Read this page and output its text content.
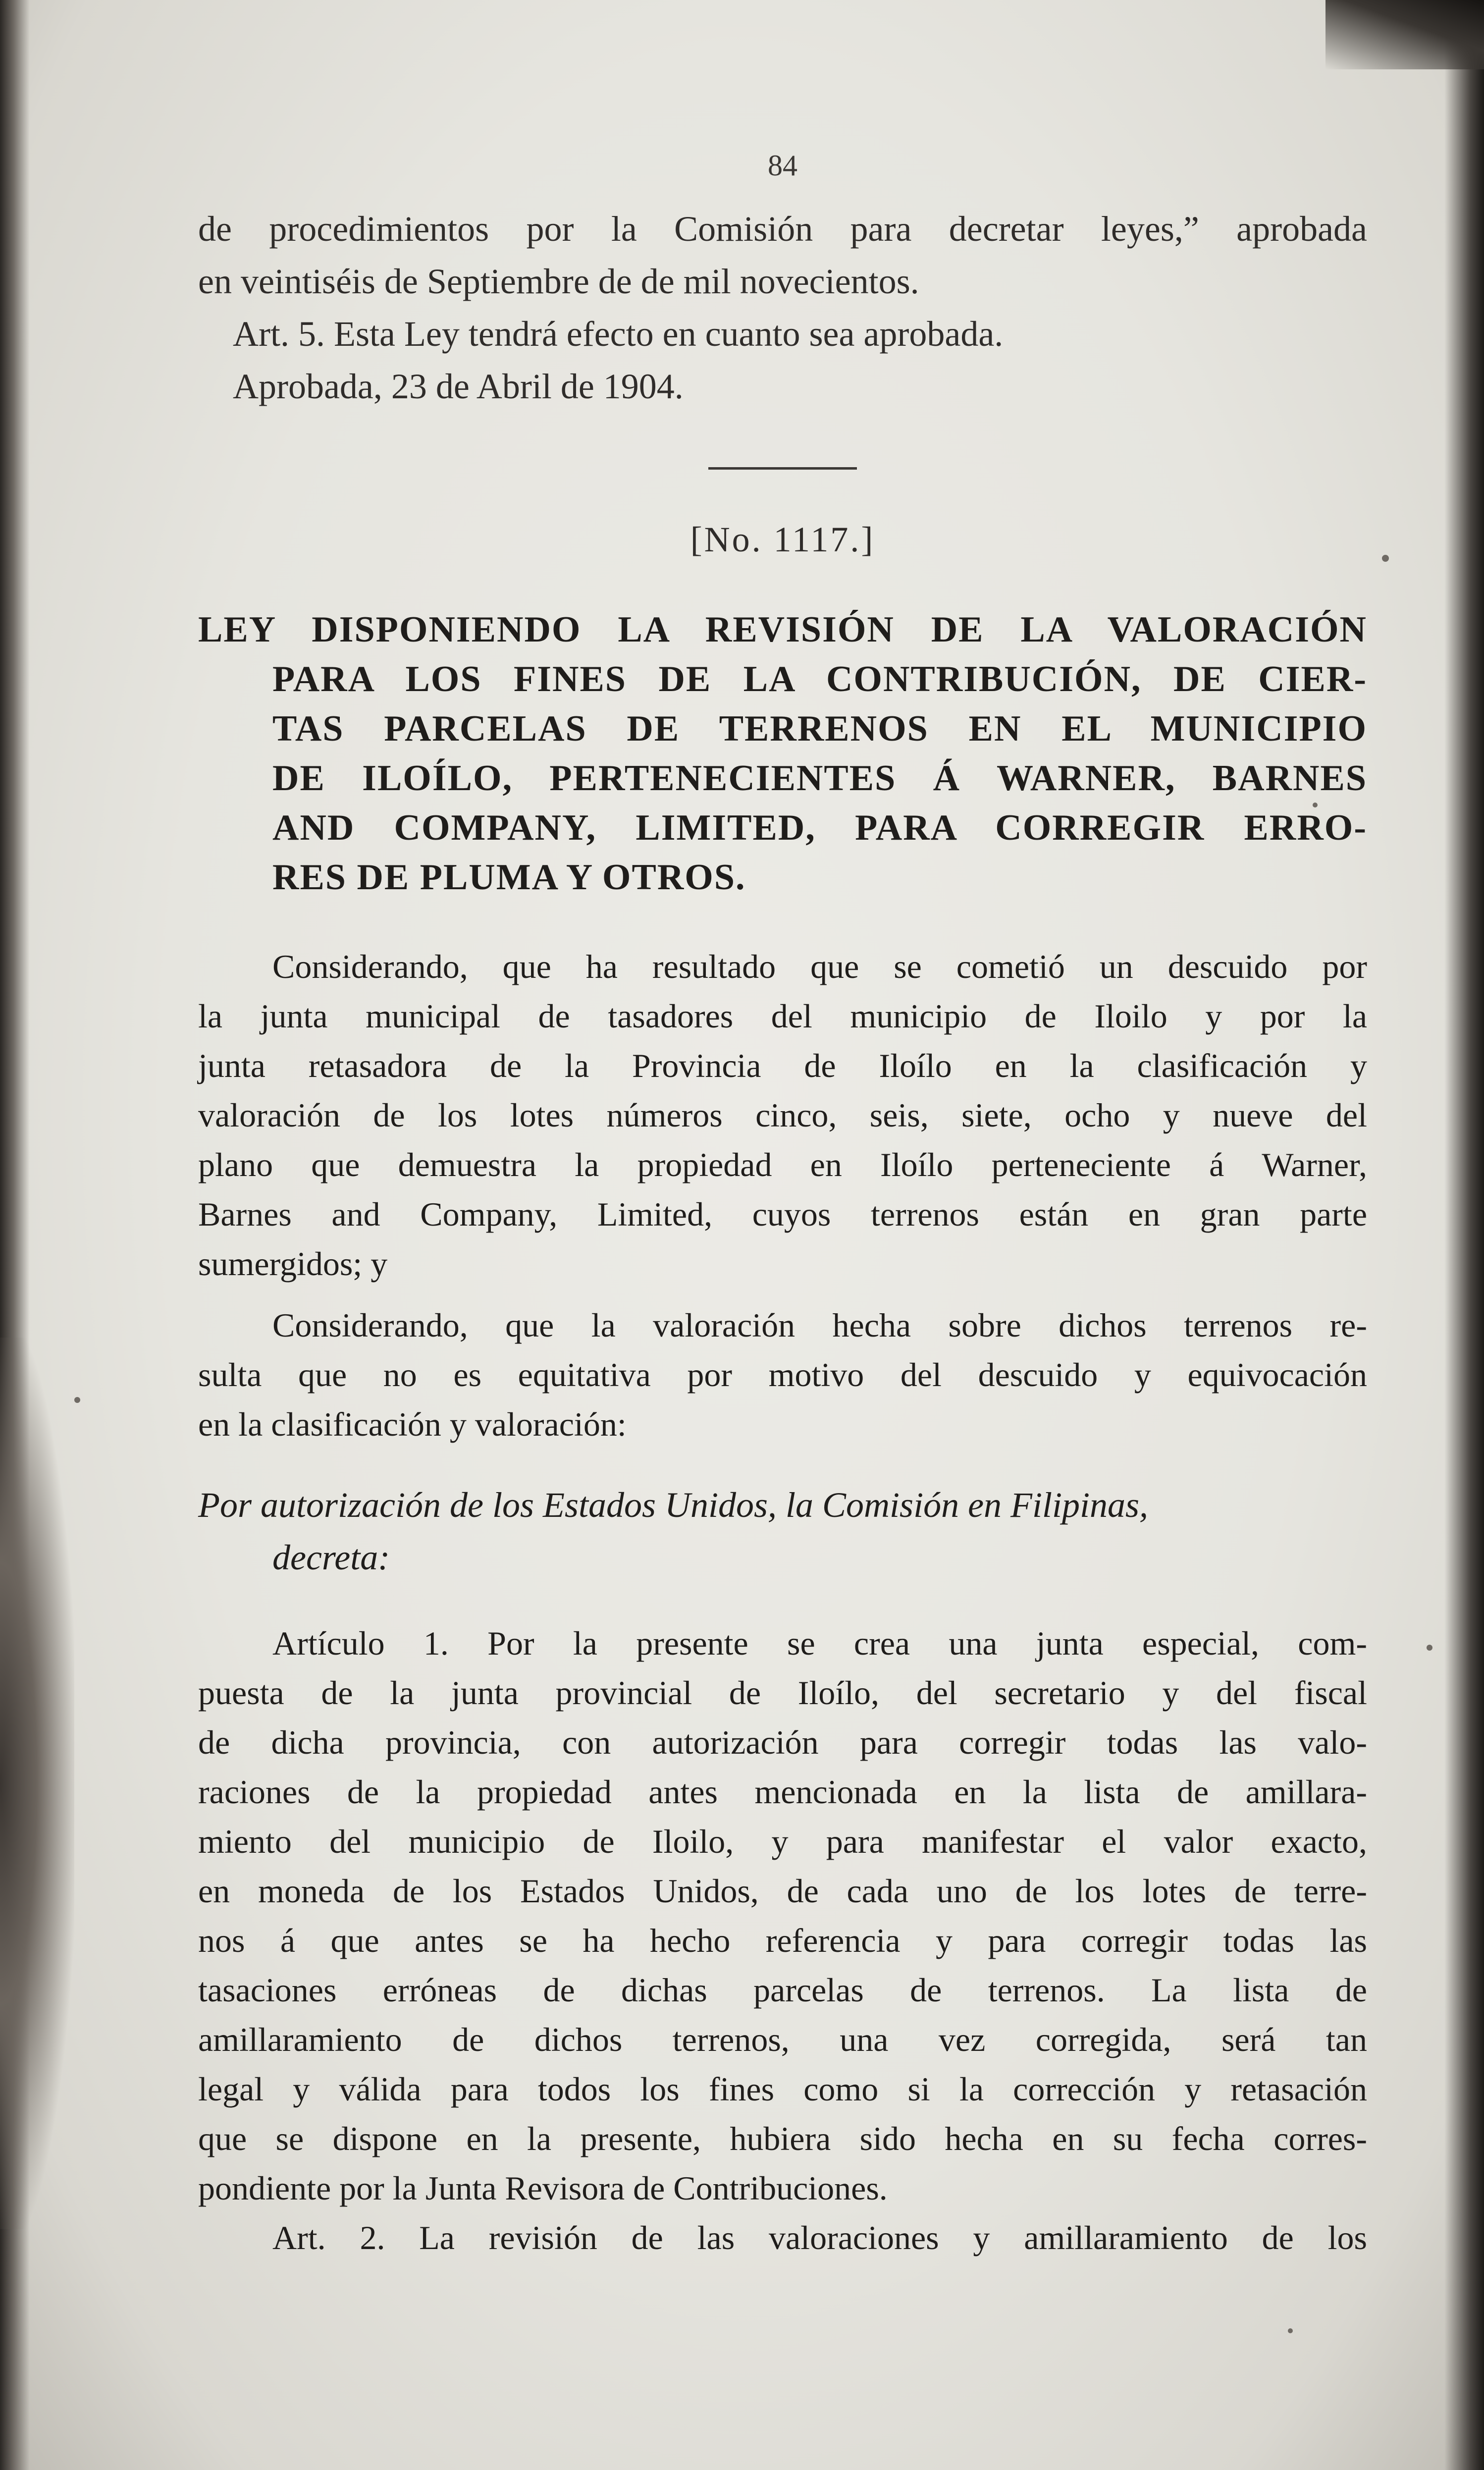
84
de procedimientos por la Comisión para decretar leyes,” aprobada
en veintiséis de Septiembre de de mil novecientos.
Art. 5. Esta Ley tendrá efecto en cuanto sea aprobada.
Aprobada, 23 de Abril de 1904.
[No. 1117.]
LEY DISPONIENDO LA REVISIÓN DE LA VALORACIÓN
PARA LOS FINES DE LA CONTRIBUCIÓN, DE CIER-
TAS PARCELAS DE TERRENOS EN EL MUNICIPIO
DE ILOÍLO, PERTENECIENTES Á WARNER, BARNES
AND COMPANY, LIMITED, PARA CORREGIR ERRO-
RES DE PLUMA Y OTROS.
Considerando, que ha resultado que se cometió un descuido por
la junta municipal de tasadores del municipio de Iloilo y por la
junta retasadora de la Provincia de Iloílo en la clasificación y
valoración de los lotes números cinco, seis, siete, ocho y nueve del
plano que demuestra la propiedad en Iloílo perteneciente á Warner,
Barnes and Company, Limited, cuyos terrenos están en gran parte
sumergidos; y
Considerando, que la valoración hecha sobre dichos terrenos re-
sulta que no es equitativa por motivo del descuido y equivocación
en la clasificación y valoración:
Por autorización de los Estados Unidos, la Comisión en Filipinas,
decreta:
Artículo 1. Por la presente se crea una junta especial, com-
puesta de la junta provincial de Iloílo, del secretario y del fiscal
de dicha provincia, con autorización para corregir todas las valo-
raciones de la propiedad antes mencionada en la lista de amillara-
miento del municipio de Iloilo, y para manifestar el valor exacto,
en moneda de los Estados Unidos, de cada uno de los lotes de terre-
nos á que antes se ha hecho referencia y para corregir todas las
tasaciones erróneas de dichas parcelas de terrenos. La lista de
amillaramiento de dichos terrenos, una vez corregida, será tan
legal y válida para todos los fines como si la corrección y retasación
que se dispone en la presente, hubiera sido hecha en su fecha corres-
pondiente por la Junta Revisora de Contribuciones.
Art. 2. La revisión de las valoraciones y amillaramiento de los
